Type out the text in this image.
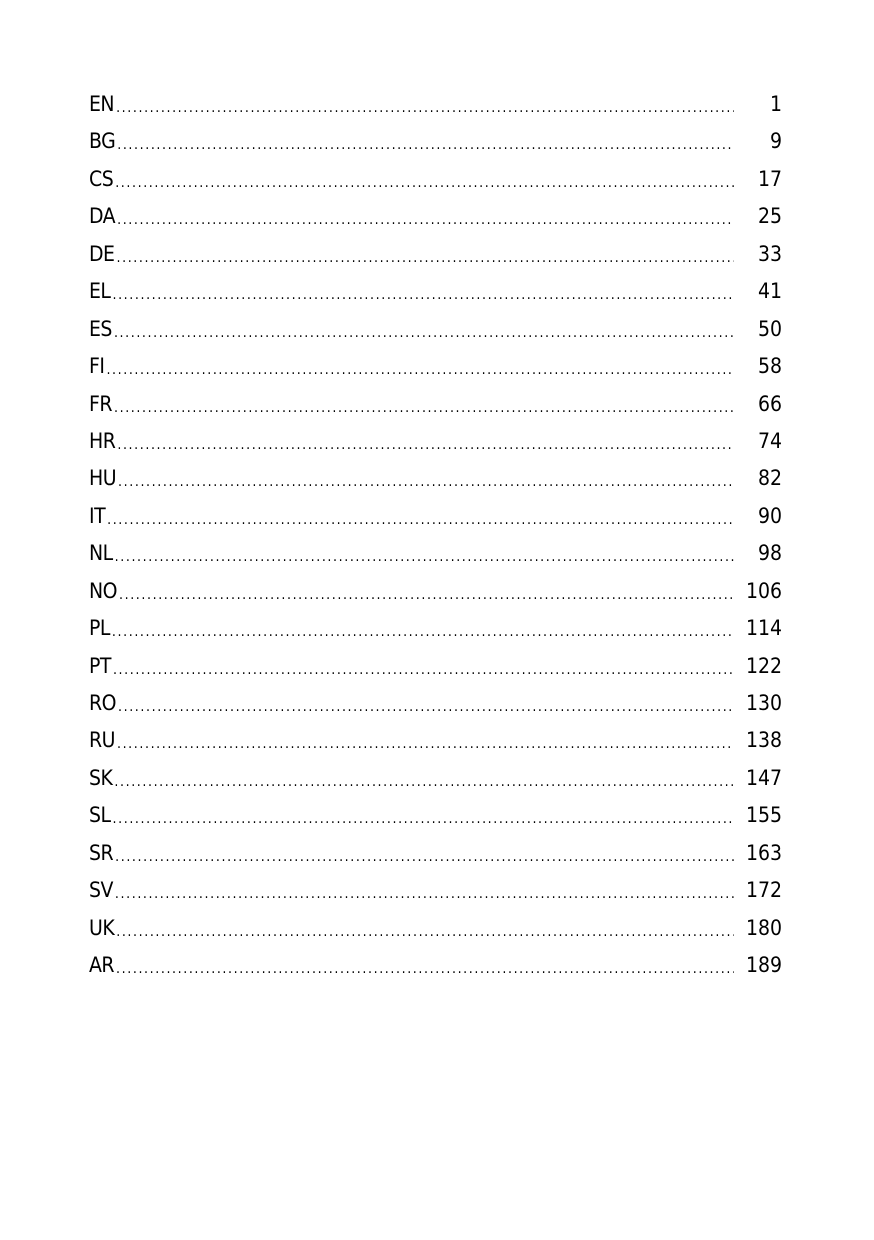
EN .....	1
BG .....	9
CS .....	17
DA .....	25
DE .....	33
EL .....	41
ES .....	50
FI .....	58
FR .....	66
HR .....	74
HU .....	82
IT .....	90
NL .....	98
NO .....	106
PL .....	114
PT .....	122
RO .....	130
RU .....	138
SK .....	147
SL .....	155
SR .....	163
SV .....	172
UK .....	180
AR .....	189
